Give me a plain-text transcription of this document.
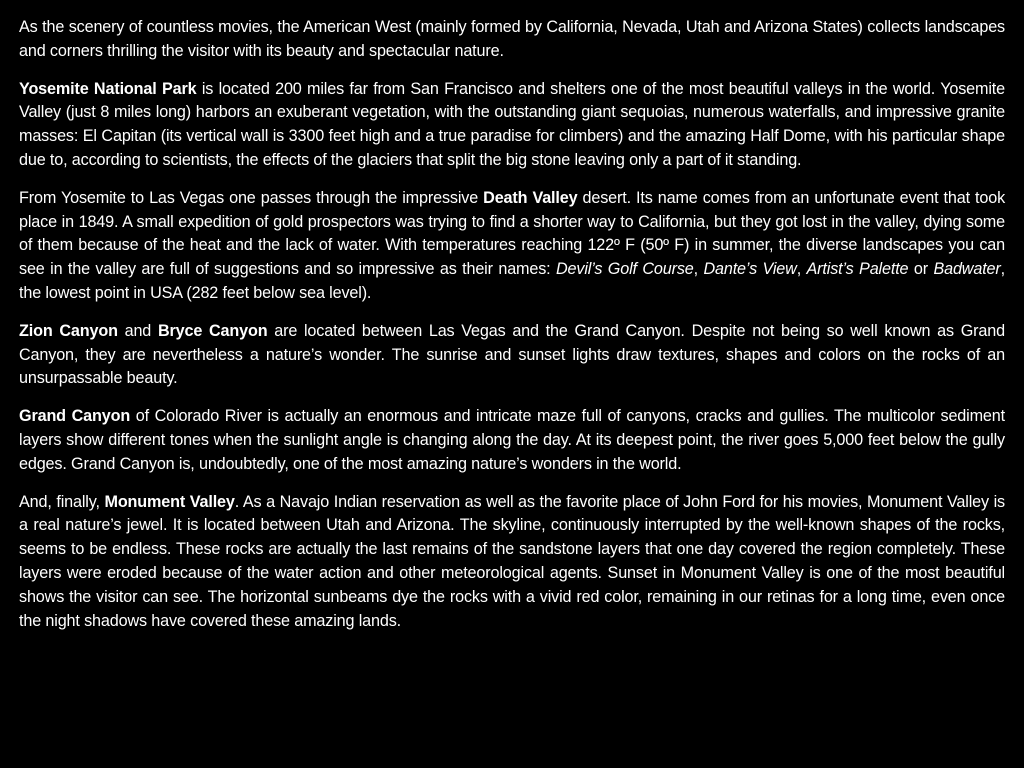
As the scenery of countless movies, the American West (mainly formed by California, Nevada, Utah and Arizona States) collects landscapes and corners thrilling the visitor with its beauty and spectacular nature.

Yosemite National Park is located 200 miles far from San Francisco and shelters one of the most beautiful valleys in the world. Yosemite Valley (just 8 miles long) harbors an exuberant vegetation, with the outstanding giant sequoias, numerous waterfalls, and impressive granite masses: El Capitan (its vertical wall is 3300 feet high and a true paradise for climbers) and the amazing Half Dome, with his particular shape due to, according to scientists, the effects of the glaciers that split the big stone leaving only a part of it standing.

From Yosemite to Las Vegas one passes through the impressive Death Valley desert. Its name comes from an unfortunate event that took place in 1849. A small expedition of gold prospectors was trying to find a shorter way to California, but they got lost in the valley, dying some of them because of the heat and the lack of water. With temperatures reaching 122º F (50º F) in summer, the diverse landscapes you can see in the valley are full of suggestions and so impressive as their names: Devil’s Golf Course, Dante’s View, Artist’s Palette or Badwater, the lowest point in USA (282 feet below sea level).

Zion Canyon and Bryce Canyon are located between Las Vegas and the Grand Canyon. Despite not being so well known as Grand Canyon, they are nevertheless a nature’s wonder. The sunrise and sunset lights draw textures, shapes and colors on the rocks of an unsurpassable beauty.

Grand Canyon of Colorado River is actually an enormous and intricate maze full of canyons, cracks and gullies. The multicolor sediment layers show different tones when the sunlight angle is changing along the day. At its deepest point, the river goes 5,000 feet below the gully edges. Grand Canyon is, undoubtedly, one of the most amazing nature’s wonders in the world.

And, finally, Monument Valley. As a Navajo Indian reservation as well as the favorite place of John Ford for his movies, Monument Valley is a real nature’s jewel. It is located between Utah and Arizona. The skyline, continuously interrupted by the well-known shapes of the rocks, seems to be endless. These rocks are actually the last remains of the sandstone layers that one day covered the region completely. These layers were eroded because of the water action and other meteorological agents. Sunset in Monument Valley is one of the most beautiful shows the visitor can see. The horizontal sunbeams dye the rocks with a vivid red color, remaining in our retinas for a long time, even once the night shadows have covered these amazing lands.
